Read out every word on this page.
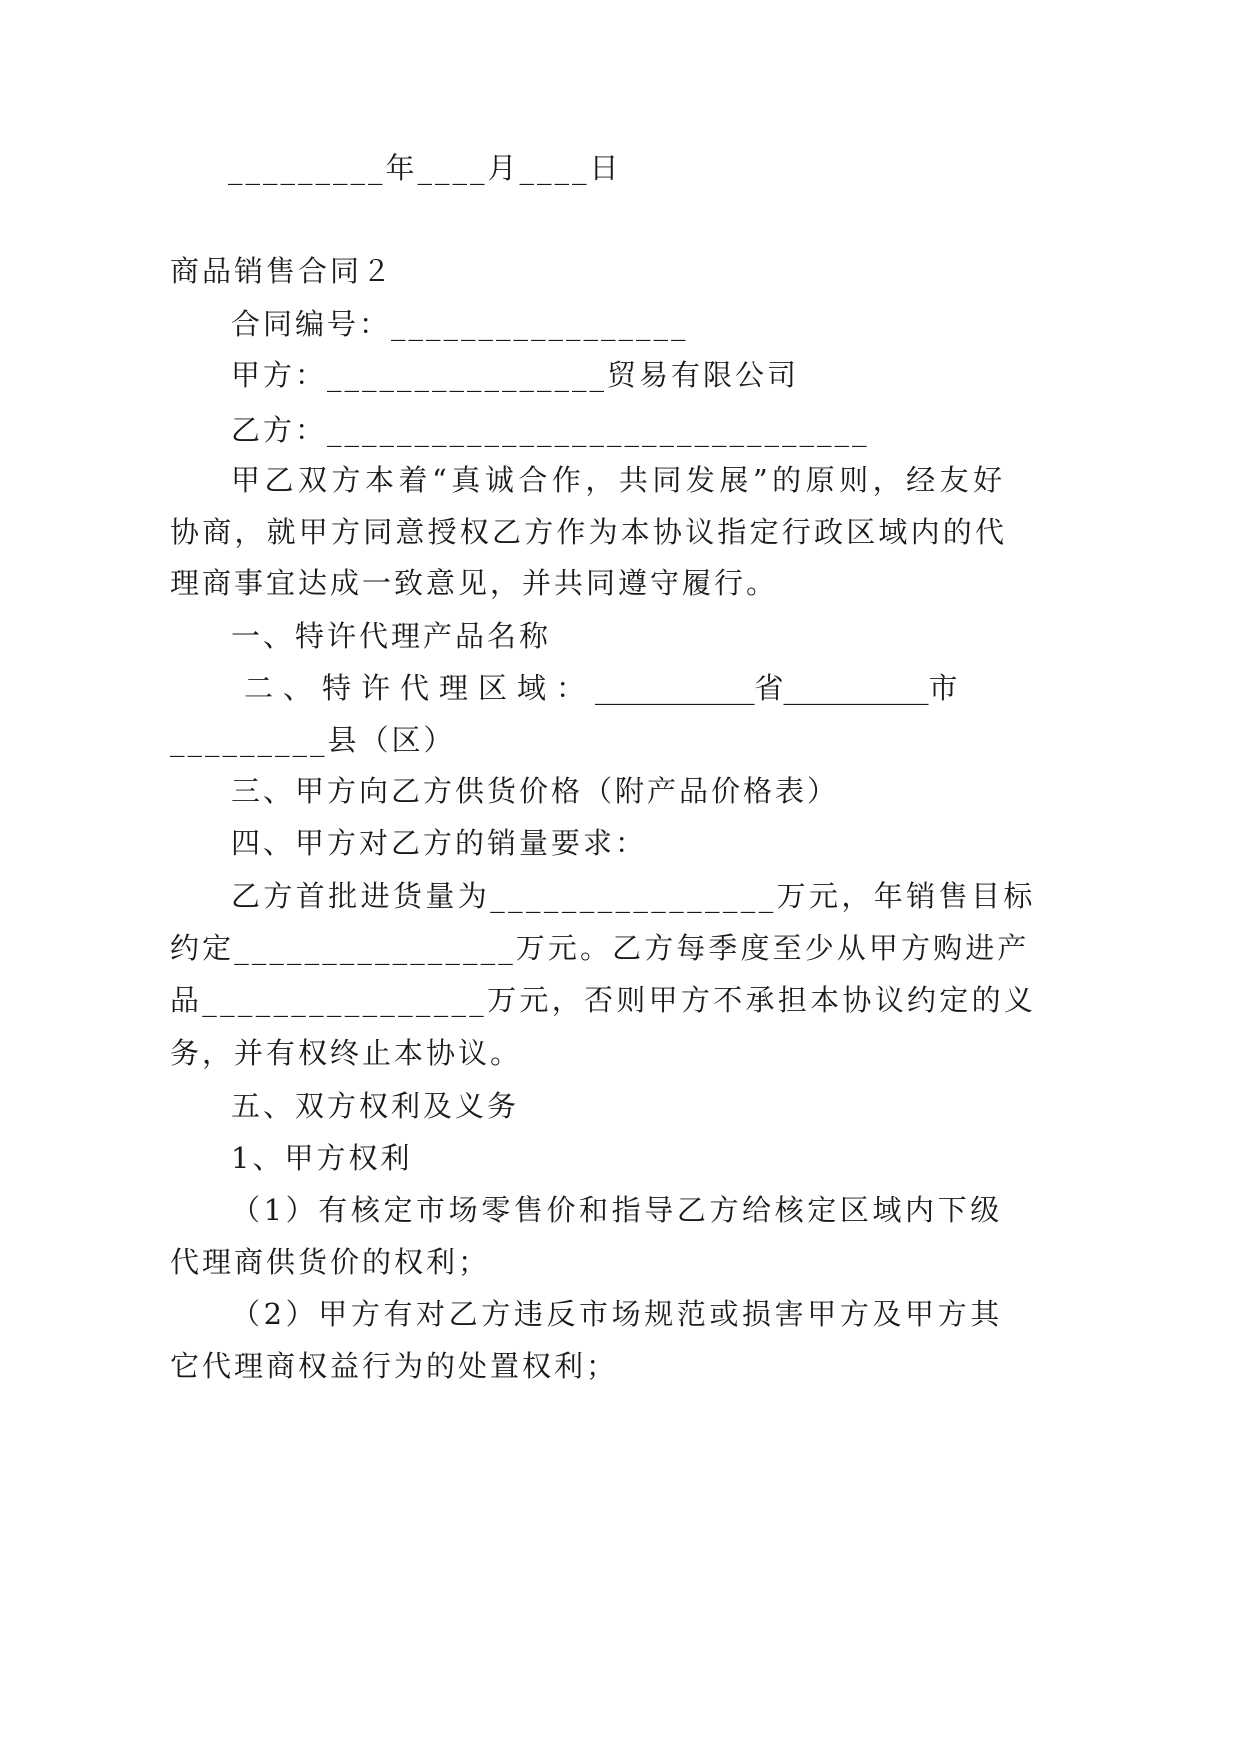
_________年____月____日
商品销售合同２
合同编号：_________________
甲方：________________贸易有限公司
乙方：_______________________________
甲乙双方本着“真诚合作，共同发展”的原则，经友好
协商，就甲方同意授权乙方作为本协议指定行政区域内的代
理商事宜达成一致意见，并共同遵守履行。
一、特许代理产品名称
二、特许代理区域： ___________省 __________市
_________县（区）
三、甲方向乙方供货价格（附产品价格表）
四、甲方对乙方的销量要求：
乙方首批进货量为________________万元，年销售目标
约定________________万元。乙方每季度至少从甲方购进产
品________________万元，否则甲方不承担本协议约定的义
务，并有权终止本协议。
五、双方权利及义务
1、甲方权利
（1）有核定市场零售价和指导乙方给核定区域内下级
代理商供货价的权利；
（2）甲方有对乙方违反市场规范或损害甲方及甲方其
它代理商权益行为的处置权利；
